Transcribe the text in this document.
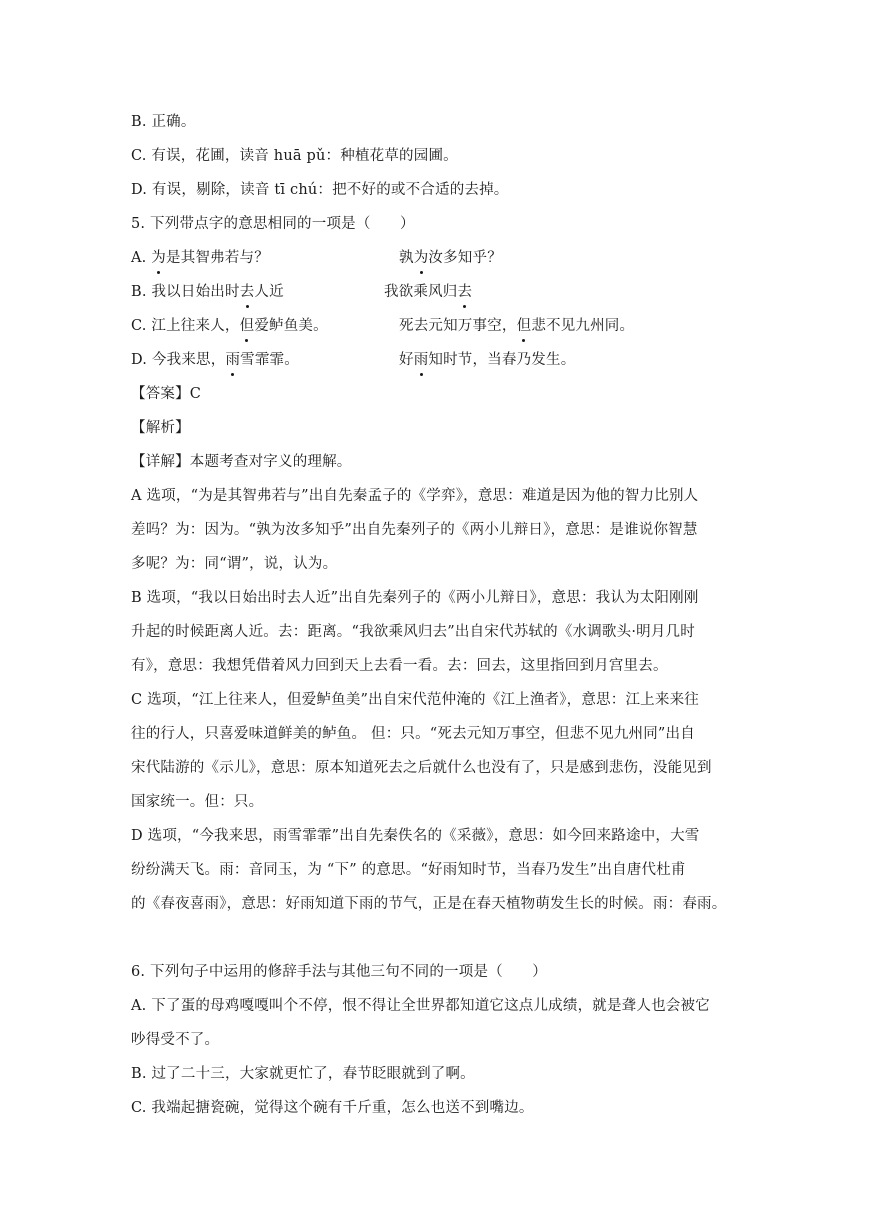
B. 正确。
C. 有误，花圃，读音 huā pǔ：种植花草的园圃。
D. 有误，剔除，读音 tī chú：把不好的或不合适的去掉。
5. 下列带点字的意思相同的一项是（　　）
A. 为是其智弗若与？	孰为汝多知乎？
B. 我以日始出时去人近	我欲乘风归去
C. 江上往来人，但爱鲈鱼美。	死去元知万事空，但悲不见九州同。
D. 今我来思，雨雪霏霏。	好雨知时节，当春乃发生。
【答案】C
【解析】
【详解】本题考查对字义的理解。
A 选项，“为是其智弗若与”出自先秦孟子的《学弈》，意思：难道是因为他的智力比别人
差吗？为：因为。“孰为汝多知乎”出自先秦列子的《两小儿辩日》，意思：是谁说你智慧
多呢？为：同“谓”，说，认为。
B 选项，“我以日始出时去人近”出自先秦列子的《两小儿辩日》，意思：我认为太阳刚刚
升起的时候距离人近。去：距离。“我欲乘风归去”出自宋代苏轼的《水调歌头·明月几时
有》，意思：我想凭借着风力回到天上去看一看。去：回去，这里指回到月宫里去。
C 选项，“江上往来人，但爱鲈鱼美”出自宋代范仲淹的《江上渔者》，意思：江上来来往
往的行人，只喜爱味道鲜美的鲈鱼。 但：只。“死去元知万事空，但悲不见九州同”出自
宋代陆游的《示儿》，意思：原本知道死去之后就什么也没有了，只是感到悲伤，没能见到
国家统一。但：只。
D 选项，“今我来思，雨雪霏霏”出自先秦佚名的《采薇》，意思：如今回来路途中，大雪
纷纷满天飞。雨：音同玉，为 “下” 的意思。“好雨知时节，当春乃发生”出自唐代杜甫
的《春夜喜雨》，意思：好雨知道下雨的节气，正是在春天植物萌发生长的时候。雨：春雨。
6. 下列句子中运用的修辞手法与其他三句不同的一项是（　　）
A. 下了蛋的母鸡嘎嘎叫个不停，恨不得让全世界都知道它这点儿成绩，就是聋人也会被它
吵得受不了。
B. 过了二十三，大家就更忙了，春节眨眼就到了啊。
C. 我端起搪瓷碗，觉得这个碗有千斤重，怎么也送不到嘴边。
